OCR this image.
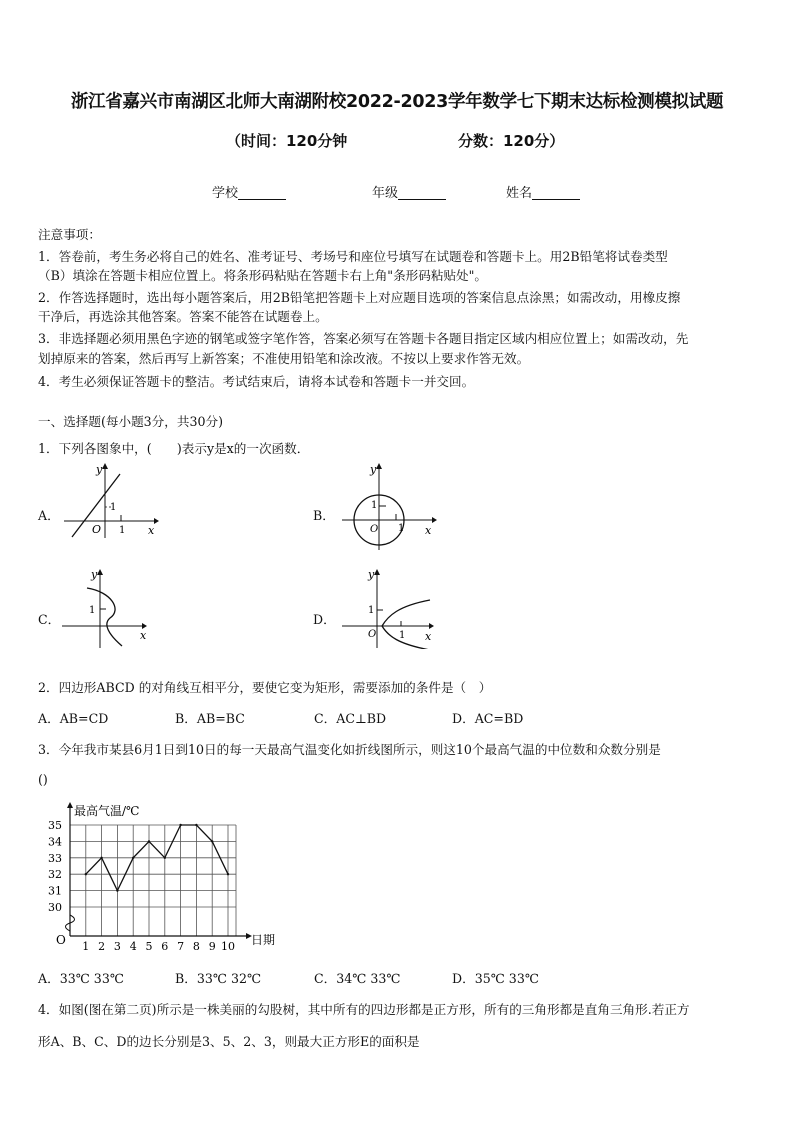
浙江省嘉兴市南湖区北师大南湖附校2022-2023学年数学七下期末达标检测模拟试题
（时间：120分钟	分数：120分）
学校	年级	姓名
注意事项：
1．答卷前，考生务必将自己的姓名、准考证号、考场号和座位号填写在试题卷和答题卡上。用2B铅笔将试卷类型
（B）填涂在答题卡相应位置上。将条形码粘贴在答题卡右上角"条形码粘贴处"。
2．作答选择题时，选出每小题答案后，用2B铅笔把答题卡上对应题目选项的答案信息点涂黑；如需改动，用橡皮擦
干净后，再选涂其他答案。答案不能答在试题卷上。
3．非选择题必须用黑色字迹的钢笔或签字笔作答，答案必须写在答题卡各题目指定区域内相应位置上；如需改动，先
划掉原来的答案，然后再写上新答案；不准使用铅笔和涂改液。不按以上要求作答无效。
4．考生必须保证答题卡的整洁。考试结束后，请将本试卷和答题卡一并交回。
一、选择题(每小题3分，共30分)
1．下列各图象中，(　　)表示y是x的一次函数．
A．	B．
C．	D．
y
x
O
1
1
y
x
O
1
1
y
x
1
y
x
O
1
1
2．四边形ABCD 的对角线互相平分，要使它变为矩形，需要添加的条件是（　）
A．AB=CD	B．AB=BC	C．AC⊥BD	D．AC=BD
3．今年我市某县6月1日到10日的每一天最高气温变化如折线图所示，则这10个最高气温的中位数和众数分别是
()
30
31
32
33
34
35
1 2 3 4 5 6 7 8 9 10
最高气温/℃
日期
O
A．33℃ 33℃	B．33℃ 32℃	C．34℃ 33℃	D．35℃ 33℃
4．如图(图在第二页)所示是一株美丽的勾股树，其中所有的四边形都是正方形，所有的三角形都是直角三角形.若正方
形A、B、C、D的边长分别是3、5、2、3，则最大正方形E的面积是
